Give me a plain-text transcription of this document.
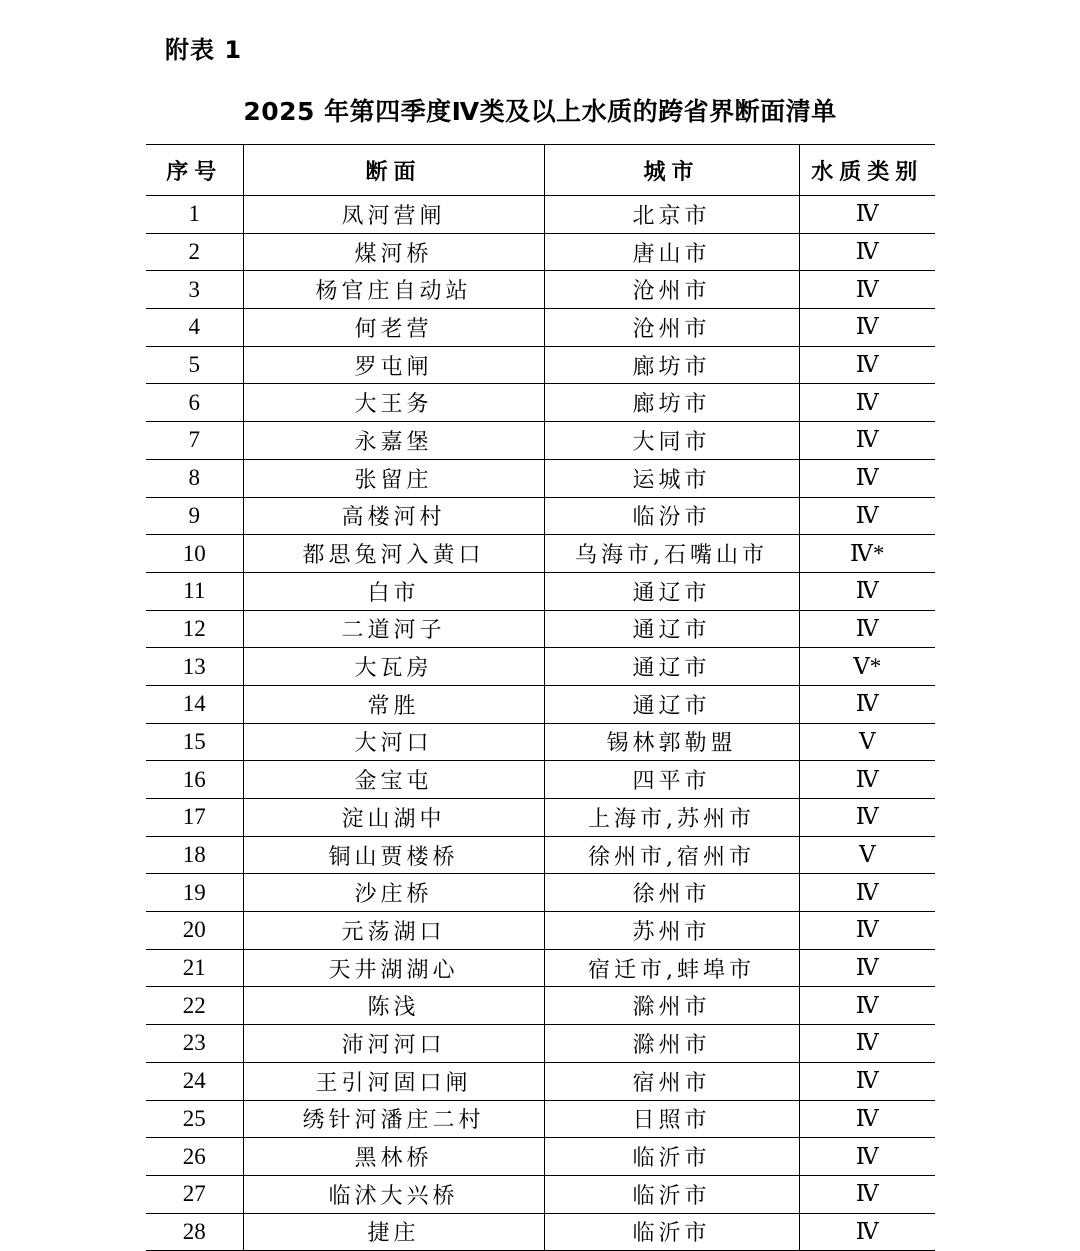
附表 1
2025 年第四季度Ⅳ类及以上水质的跨省界断面清单
序号	断面	城市	水质类别
1	凤河营闸	北京市	Ⅳ
2	煤河桥	唐山市	Ⅳ
3	杨官庄自动站	沧州市	Ⅳ
4	何老营	沧州市	Ⅳ
5	罗屯闸	廊坊市	Ⅳ
6	大王务	廊坊市	Ⅳ
7	永嘉堡	大同市	Ⅳ
8	张留庄	运城市	Ⅳ
9	高楼河村	临汾市	Ⅳ
10	都思兔河入黄口	乌海市,石嘴山市	Ⅳ*
11	白市	通辽市	Ⅳ
12	二道河子	通辽市	Ⅳ
13	大瓦房	通辽市	Ⅴ*
14	常胜	通辽市	Ⅳ
15	大河口	锡林郭勒盟	Ⅴ
16	金宝屯	四平市	Ⅳ
17	淀山湖中	上海市,苏州市	Ⅳ
18	铜山贾楼桥	徐州市,宿州市	Ⅴ
19	沙庄桥	徐州市	Ⅳ
20	元荡湖口	苏州市	Ⅳ
21	天井湖湖心	宿迁市,蚌埠市	Ⅳ
22	陈浅	滁州市	Ⅳ
23	沛河河口	滁州市	Ⅳ
24	王引河固口闸	宿州市	Ⅳ
25	绣针河潘庄二村	日照市	Ⅳ
26	黑林桥	临沂市	Ⅳ
27	临沭大兴桥	临沂市	Ⅳ
28	捷庄	临沂市	Ⅳ
